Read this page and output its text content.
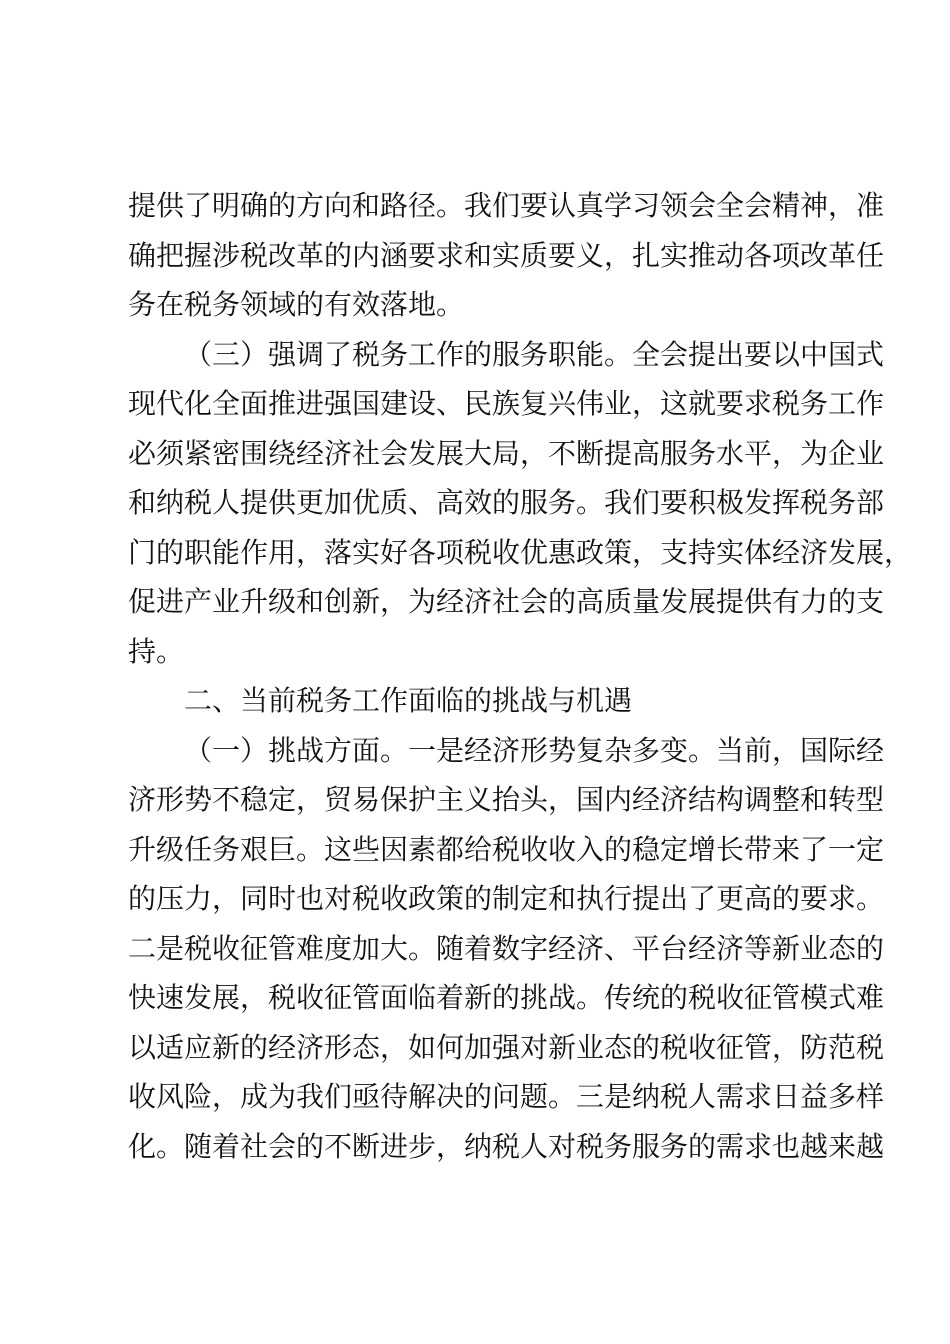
提供了明确的方向和路径。我们要认真学习领会全会精神，准
确把握涉税改革的内涵要求和实质要义，扎实推动各项改革任
务在税务领域的有效落地。
（三）强调了税务工作的服务职能。全会提出要以中国式
现代化全面推进强国建设、民族复兴伟业，这就要求税务工作
必须紧密围绕经济社会发展大局，不断提高服务水平，为企业
和纳税人提供更加优质、高效的服务。我们要积极发挥税务部
门的职能作用，落实好各项税收优惠政策，支持实体经济发展，
促进产业升级和创新，为经济社会的高质量发展提供有力的支
持。
二、当前税务工作面临的挑战与机遇
（一）挑战方面。一是经济形势复杂多变。当前，国际经
济形势不稳定，贸易保护主义抬头，国内经济结构调整和转型
升级任务艰巨。这些因素都给税收收入的稳定增长带来了一定
的压力，同时也对税收政策的制定和执行提出了更高的要求。
二是税收征管难度加大。随着数字经济、平台经济等新业态的
快速发展，税收征管面临着新的挑战。传统的税收征管模式难
以适应新的经济形态，如何加强对新业态的税收征管，防范税
收风险，成为我们亟待解决的问题。三是纳税人需求日益多样
化。随着社会的不断进步，纳税人对税务服务的需求也越来越
